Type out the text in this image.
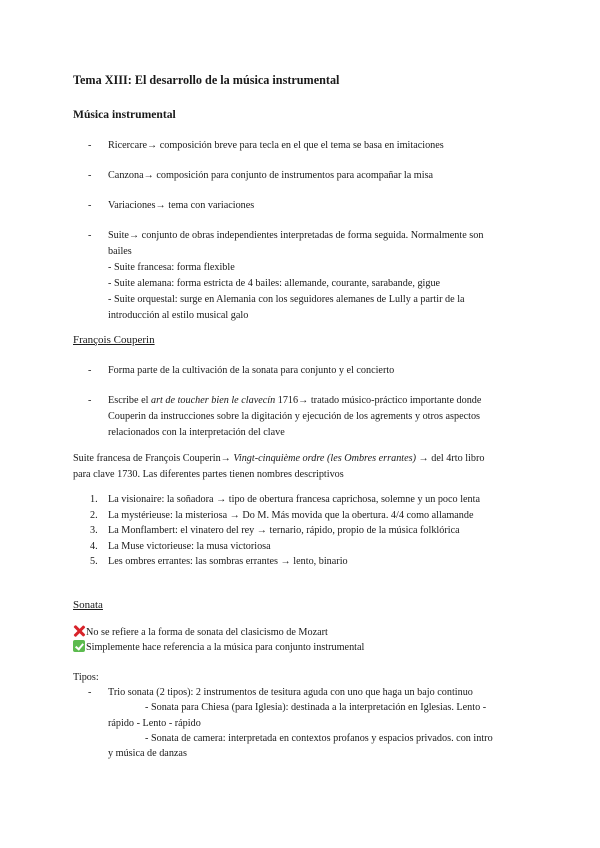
Tema XIII: El desarrollo de la música instrumental
Música instrumental
- Ricercare→ composición breve para tecla en el que el tema se basa en imitaciones
- Canzona→ composición para conjunto de instrumentos para acompañar la misa
- Variaciones→ tema con variaciones
- Suite→ conjunto de obras independientes interpretadas de forma seguida. Normalmente son
bailes
- Suite francesa: forma flexible
- Suite alemana: forma estricta de 4 bailes: allemande, courante, sarabande, gigue
- Suite orquestal: surge en Alemania con los seguidores alemanes de Lully a partir de la
introducción al estilo musical galo
François Couperin
- Forma parte de la cultivación de la sonata para conjunto y el concierto
- Escribe el art de toucher bien le clavecín 1716→ tratado músico-práctico importante donde
Couperin da instrucciones sobre la digitación y ejecución de los agrements y otros aspectos
relacionados con la interpretación del clave
Suite francesa de François Couperin→ Vingt-cinquième ordre (les Ombres errantes) → del 4rto libro
para clave 1730. Las diferentes partes tienen nombres descriptivos
1. La visionaire: la soñadora → tipo de obertura francesa caprichosa, solemne y un poco lenta
2. La mystérieuse: la misteriosa → Do M. Más movida que la obertura. 4/4 como allamande
3. La Monflambert: el vinatero del rey → ternario, rápido, propio de la música folklórica
4. La Muse victorieuse: la musa victoriosa
5. Les ombres errantes: las sombras errantes → lento, binario
Sonata
No se refiere a la forma de sonata del clasicismo de Mozart
Simplemente hace referencia a la música para conjunto instrumental
Tipos:
- Trio sonata (2 tipos): 2 instrumentos de tesitura aguda con uno que haga un bajo continuo
- Sonata para Chiesa (para Iglesia): destinada a la interpretación en Iglesias. Lento -
rápido - Lento - rápido
- Sonata de camera: interpretada en contextos profanos y espacios privados. con intro
y música de danzas
